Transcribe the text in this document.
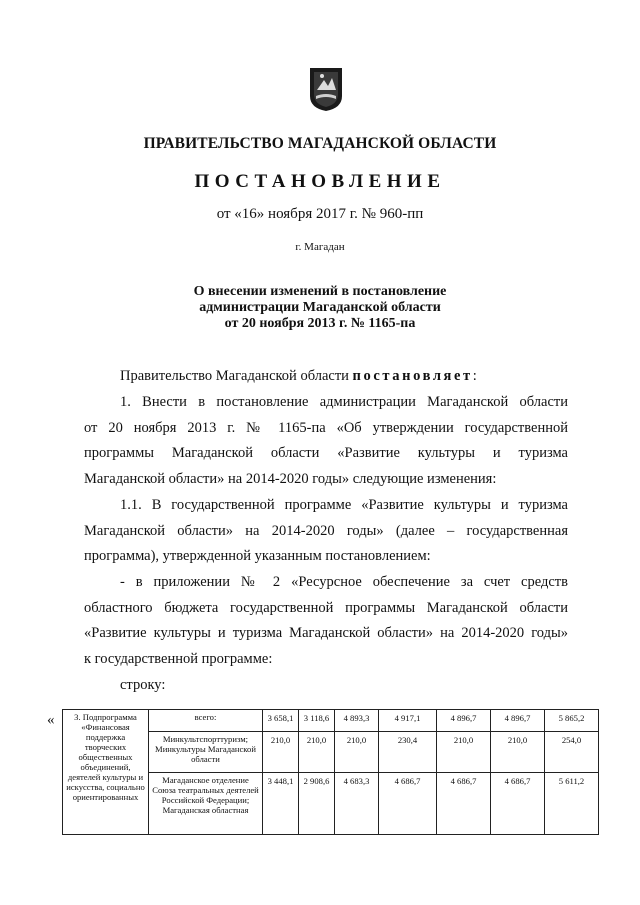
ПРАВИТЕЛЬСТВО МАГАДАНСКОЙ ОБЛАСТИ
ПОСТАНОВЛЕНИЕ
от «16» ноября 2017 г. № 960-пп
г. Магадан
О внесении изменений в постановление
администрации Магаданской области
от 20 ноября 2013 г. № 1165-па
Правительство Магаданской области постановляет:
1. Внести в постановление администрации Магаданской области
от 20 ноября 2013 г. № 1165-па «Об утверждении государственной
программы Магаданской области «Развитие культуры и туризма
Магаданской области» на 2014-2020 годы» следующие изменения:
1.1. В государственной программе «Развитие культуры и туризма
Магаданской области» на 2014-2020 годы» (далее – государственная
программа), утвержденной указанным постановлением:
- в приложении № 2 «Ресурсное обеспечение за счет средств
областного бюджета государственной программы Магаданской области
«Развитие культуры и туризма Магаданской области» на 2014-2020 годы»
к государственной программе:
строку:
« 3. Подпрограмма «Финансовая поддержка творческих общественных объединений, деятелей культуры и искусства, социально ориентированных	всего:	3 658,1	3 118,6	4 893,3	4 917,1	4 896,7	4 896,7	5 865,2
	Минкультспорттуризм; Минкультуры Магаданской области	210,0	210,0	210,0	230,4	210,0	210,0	254,0
	Магаданское отделение Союза театральных деятелей Российской Федерации; Магаданская областная	3 448,1	2 908,6	4 683,3	4 686,7	4 686,7	4 686,7	5 611,2
